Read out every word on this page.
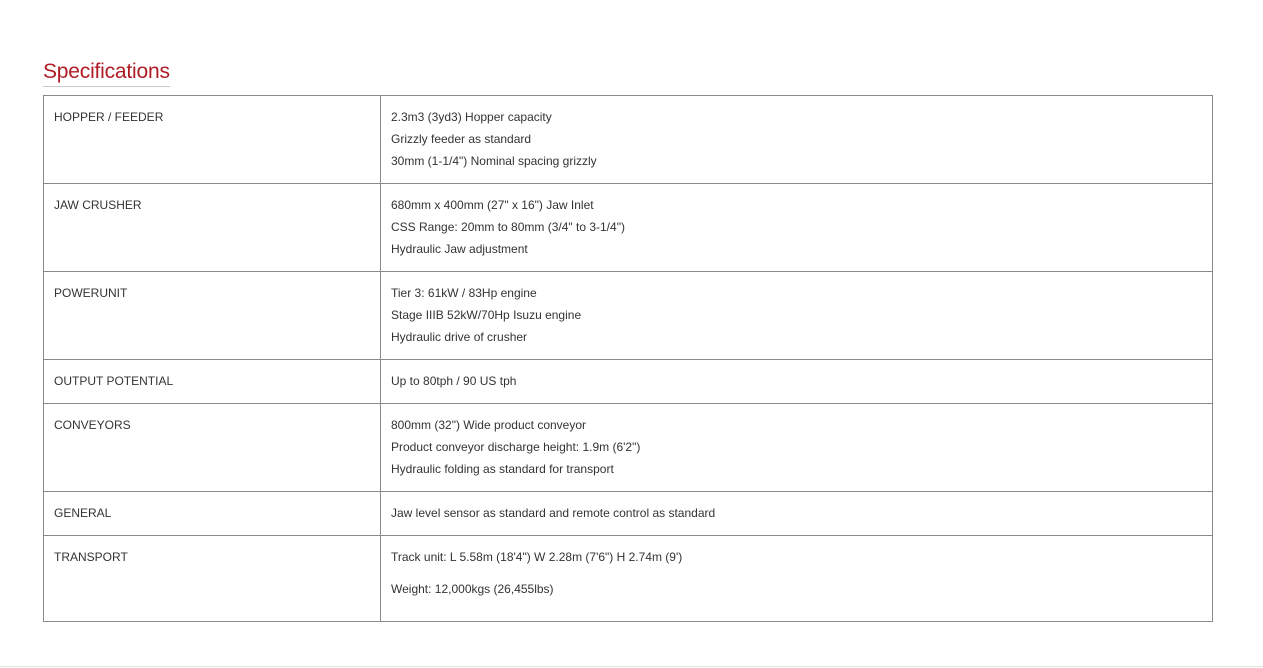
Specifications
HOPPER / FEEDER	2.3m3 (3yd3) Hopper capacity
Grizzly feeder as standard
30mm (1-1/4") Nominal spacing grizzly

JAW CRUSHER	680mm x 400mm (27" x 16") Jaw Inlet
CSS Range: 20mm to 80mm (3/4" to 3-1/4")
Hydraulic Jaw adjustment

POWERUNIT	Tier 3: 61kW / 83Hp engine
Stage IIIB 52kW/70Hp Isuzu engine
Hydraulic drive of crusher

OUTPUT POTENTIAL	Up to 80tph / 90 US tph

CONVEYORS	800mm (32") Wide product conveyor
Product conveyor discharge height: 1.9m (6'2")
Hydraulic folding as standard for transport

GENERAL	Jaw level sensor as standard and remote control as standard

TRANSPORT	Track unit: L 5.58m (18'4") W 2.28m (7'6") H 2.74m (9')
Weight: 12,000kgs (26,455lbs)
